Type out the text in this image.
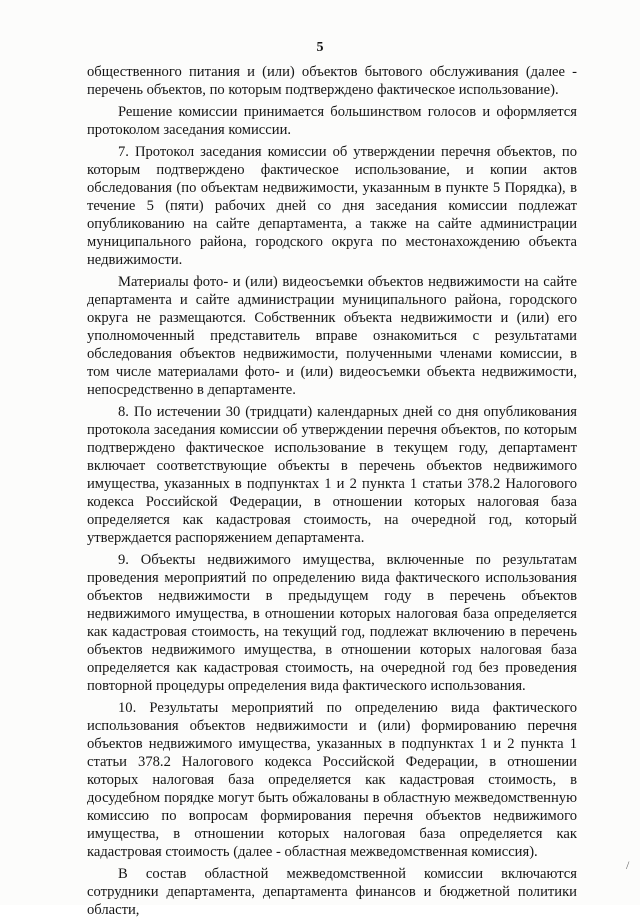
5

общественного питания и (или) объектов бытового обслуживания (далее - перечень объектов, по которым подтверждено фактическое использование).

Решение комиссии принимается большинством голосов и оформляется протоколом заседания комиссии.

7. Протокол заседания комиссии об утверждении перечня объектов, по которым подтверждено фактическое использование, и копии актов обследования (по объектам недвижимости, указанным в пункте 5 Порядка), в течение 5 (пяти) рабочих дней со дня заседания комиссии подлежат опубликованию на сайте департамента, а также на сайте администрации муниципального района, городского округа по местонахождению объекта недвижимости.

Материалы фото- и (или) видеосъемки объектов недвижимости на сайте департамента и сайте администрации муниципального района, городского округа не размещаются. Собственник объекта недвижимости и (или) его уполномоченный представитель вправе ознакомиться с результатами обследования объектов недвижимости, полученными членами комиссии, в том числе материалами фото- и (или) видеосъемки объекта недвижимости, непосредственно в департаменте.

8. По истечении 30 (тридцати) календарных дней со дня опубликования протокола заседания комиссии об утверждении перечня объектов, по которым подтверждено фактическое использование в текущем году, департамент включает соответствующие объекты в перечень объектов недвижимого имущества, указанных в подпунктах 1 и 2 пункта 1 статьи 378.2 Налогового кодекса Российской Федерации, в отношении которых налоговая база определяется как кадастровая стоимость, на очередной год, который утверждается распоряжением департамента.

9. Объекты недвижимого имущества, включенные по результатам проведения мероприятий по определению вида фактического использования объектов недвижимости в предыдущем году в перечень объектов недвижимого имущества, в отношении которых налоговая база определяется как кадастровая стоимость, на текущий год, подлежат включению в перечень объектов недвижимого имущества, в отношении которых налоговая база определяется как кадастровая стоимость, на очередной год без проведения повторной процедуры определения вида фактического использования.

10. Результаты мероприятий по определению вида фактического использования объектов недвижимости и (или) формированию перечня объектов недвижимого имущества, указанных в подпунктах 1 и 2 пункта 1 статьи 378.2 Налогового кодекса Российской Федерации, в отношении которых налоговая база определяется как кадастровая стоимость, в досудебном порядке могут быть обжалованы в областную межведомственную комиссию по вопросам формирования перечня объектов недвижимого имущества, в отношении которых налоговая база определяется как кадастровая стоимость (далее - областная межведомственная комиссия).

В состав областной межведомственной комиссии включаются сотрудники департамента, департамента финансов и бюджетной политики области,

/
